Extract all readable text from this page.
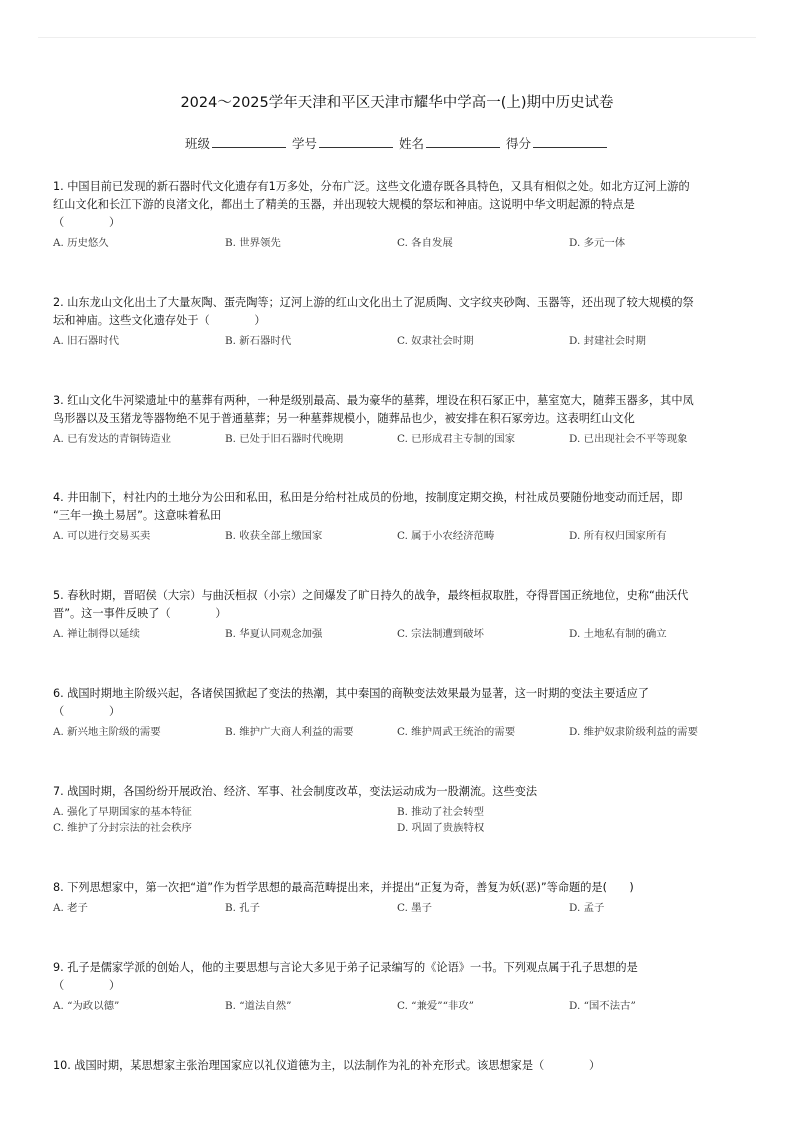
2024～2025学年天津和平区天津市耀华中学高一(上)期中历史试卷
班级	学号	姓名	得分
1. 中国目前已发现的新石器时代文化遗存有1万多处，分布广泛。这些文化遗存既各具特色，又具有相似之处。如北方辽河上游的
红山文化和长江下游的良渚文化，都出土了精美的玉器，并出现较大规模的祭坛和神庙。这说明中华文明起源的特点是
（　　　　）
A. 历史悠久	B. 世界领先	C. 各自发展	D. 多元一体
2. 山东龙山文化出土了大量灰陶、蛋壳陶等；辽河上游的红山文化出土了泥质陶、文字纹夹砂陶、玉器等，还出现了较大规模的祭
坛和神庙。这些文化遗存处于（　　　　）
A. 旧石器时代	B. 新石器时代	C. 奴隶社会时期	D. 封建社会时期
3. 红山文化牛河梁遗址中的墓葬有两种，一种是级别最高、最为豪华的墓葬，埋设在积石冢正中，墓室宽大，随葬玉器多，其中凤
鸟形器以及玉猪龙等器物绝不见于普通墓葬；另一种墓葬规模小，随葬品也少，被安排在积石冢旁边。这表明红山文化
A. 已有发达的青铜铸造业	B. 已处于旧石器时代晚期	C. 已形成君主专制的国家	D. 已出现社会不平等现象
4. 井田制下，村社内的土地分为公田和私田，私田是分给村社成员的份地，按制度定期交换，村社成员要随份地变动而迁居，即
“三年一换土易居”。这意味着私田
A. 可以进行交易买卖	B. 收获全部上缴国家	C. 属于小农经济范畴	D. 所有权归国家所有
5. 春秋时期，晋昭侯（大宗）与曲沃桓叔（小宗）之间爆发了旷日持久的战争，最终桓叔取胜，夺得晋国正统地位，史称“曲沃代
晋”。这一事件反映了（　　　　）
A. 禅让制得以延续	B. 华夏认同观念加强	C. 宗法制遭到破坏	D. 土地私有制的确立
6. 战国时期地主阶级兴起，各诸侯国掀起了变法的热潮，其中秦国的商鞅变法效果最为显著，这一时期的变法主要适应了
（　　　　）
A. 新兴地主阶级的需要	B. 维护广大商人利益的需要	C. 维护周武王统治的需要	D. 维护奴隶阶级利益的需要
7. 战国时期，各国纷纷开展政治、经济、军事、社会制度改革，变法运动成为一股潮流。这些变法
A. 强化了早期国家的基本特征	B. 推动了社会转型
C. 维护了分封宗法的社会秩序	D. 巩固了贵族特权
8. 下列思想家中，第一次把“道”作为哲学思想的最高范畴提出来，并提出“正复为奇，善复为妖(恶)”等命题的是(　　)
A. 老子	B. 孔子	C. 墨子	D. 孟子
9. 孔子是儒家学派的创始人，他的主要思想与言论大多见于弟子记录编写的《论语》一书。下列观点属于孔子思想的是
（　　　　）
A. “为政以德”	B. “道法自然”	C. “兼爱”“非攻”	D. “国不法古”
10. 战国时期，某思想家主张治理国家应以礼仪道德为主，以法制作为礼的补充形式。该思想家是（　　　　）
